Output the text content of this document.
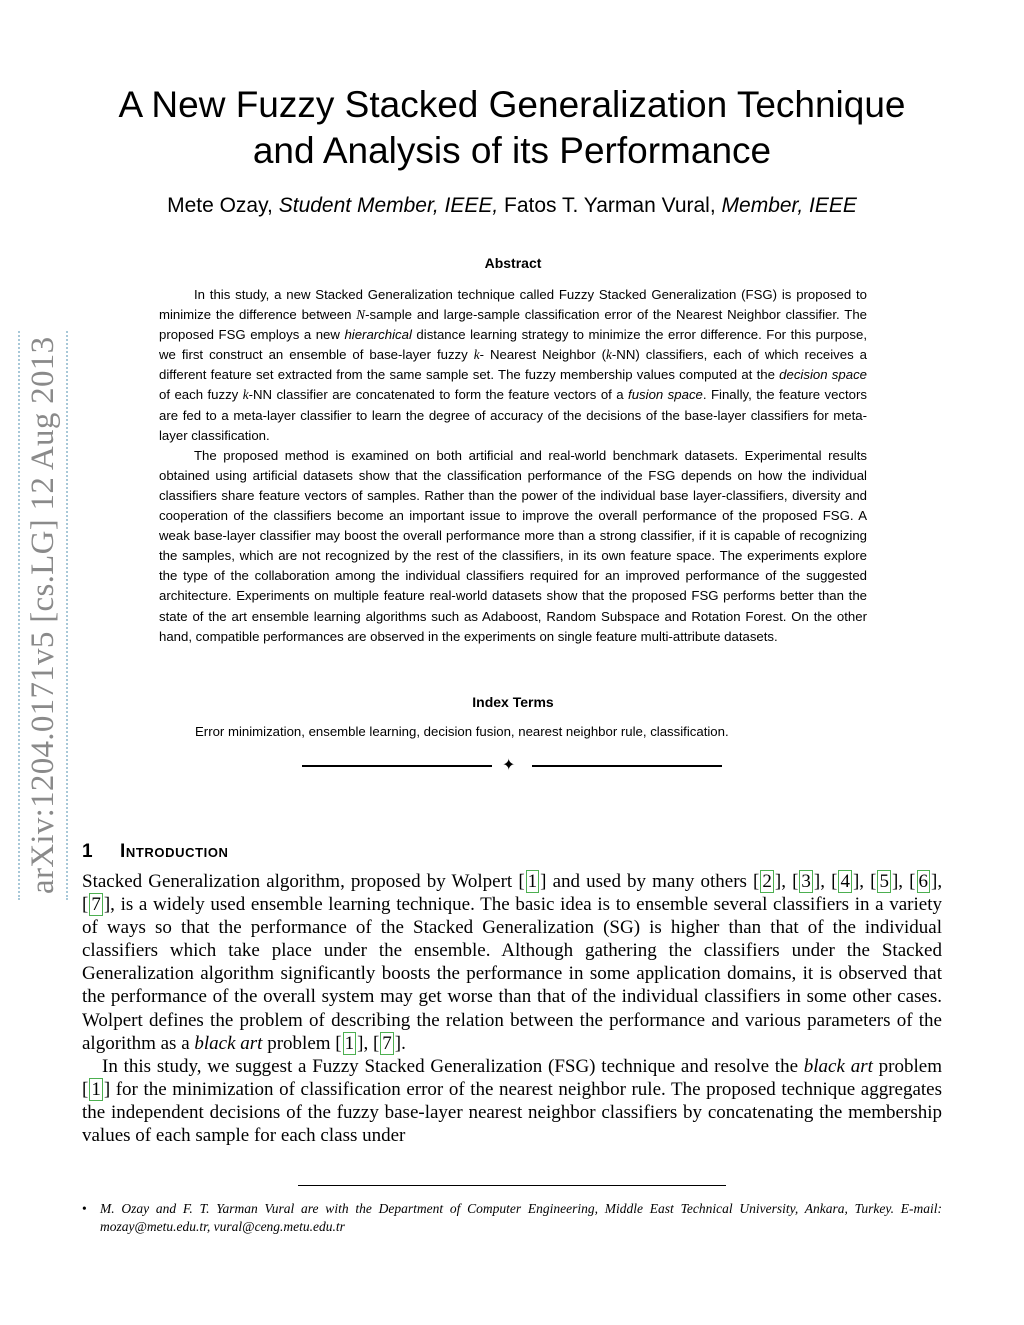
arXiv:1204.0171v5 [cs.LG] 12 Aug 2013
A New Fuzzy Stacked Generalization Technique
and Analysis of its Performance
Mete Ozay, Student Member, IEEE, Fatos T. Yarman Vural, Member, IEEE
Abstract

In this study, a new Stacked Generalization technique called Fuzzy Stacked Generalization (FSG) is proposed to minimize the difference between N-sample and large-sample classification error of the Nearest Neighbor classifier. The proposed FSG employs a new hierarchical distance learning strategy to minimize the error difference. For this purpose, we first construct an ensemble of base-layer fuzzy k- Nearest Neighbor (k-NN) classifiers, each of which receives a different feature set extracted from the same sample set. The fuzzy membership values computed at the decision space of each fuzzy k-NN classifier are concatenated to form the feature vectors of a fusion space. Finally, the feature vectors are fed to a meta-layer classifier to learn the degree of accuracy of the decisions of the base-layer classifiers for meta-layer classification.

The proposed method is examined on both artificial and real-world benchmark datasets. Experimental results obtained using artificial datasets show that the classification performance of the FSG depends on how the individual classifiers share feature vectors of samples. Rather than the power of the individual base layer-classifiers, diversity and cooperation of the classifiers become an important issue to improve the overall performance of the proposed FSG. A weak base-layer classifier may boost the overall performance more than a strong classifier, if it is capable of recognizing the samples, which are not recognized by the rest of the classifiers, in its own feature space. The experiments explore the type of the collaboration among the individual classifiers required for an improved performance of the suggested architecture. Experiments on multiple feature real-world datasets show that the proposed FSG performs better than the state of the art ensemble learning algorithms such as Adaboost, Random Subspace and Rotation Forest. On the other hand, compatible performances are observed in the experiments on single feature multi-attribute datasets.

Index Terms
Error minimization, ensemble learning, decision fusion, nearest neighbor rule, classification.
✦
1 Introduction

Stacked Generalization algorithm, proposed by Wolpert [ 1 ] and used by many others [ 2 ], [ 3 ], [ 4 ], [ 5 ], [ 6 ], [ 7 ], is a widely used ensemble learning technique. The basic idea is to ensemble several classifiers in a variety of ways so that the performance of the Stacked Generalization (SG) is higher than that of the individual classifiers which take place under the ensemble. Although gathering the classifiers under the Stacked Generalization algorithm significantly boosts the performance in some application domains, it is observed that the performance of the overall system may get worse than that of the individual classifiers in some other cases. Wolpert defines the problem of describing the relation between the performance and various parameters of the algorithm as a black art problem [ 1 ], [ 7 ].

In this study, we suggest a Fuzzy Stacked Generalization (FSG) technique and resolve the black art problem [ 1 ] for the minimization of classification error of the nearest neighbor rule. The proposed technique aggregates the independent decisions of the fuzzy base-layer nearest neighbor classifiers by concatenating the membership values of each sample for each class under

• M. Ozay and F. T. Yarman Vural are with the Department of Computer Engineering, Middle East Technical University, Ankara, Turkey. E-mail: mozay@metu.edu.tr, vural@ceng.metu.edu.tr
